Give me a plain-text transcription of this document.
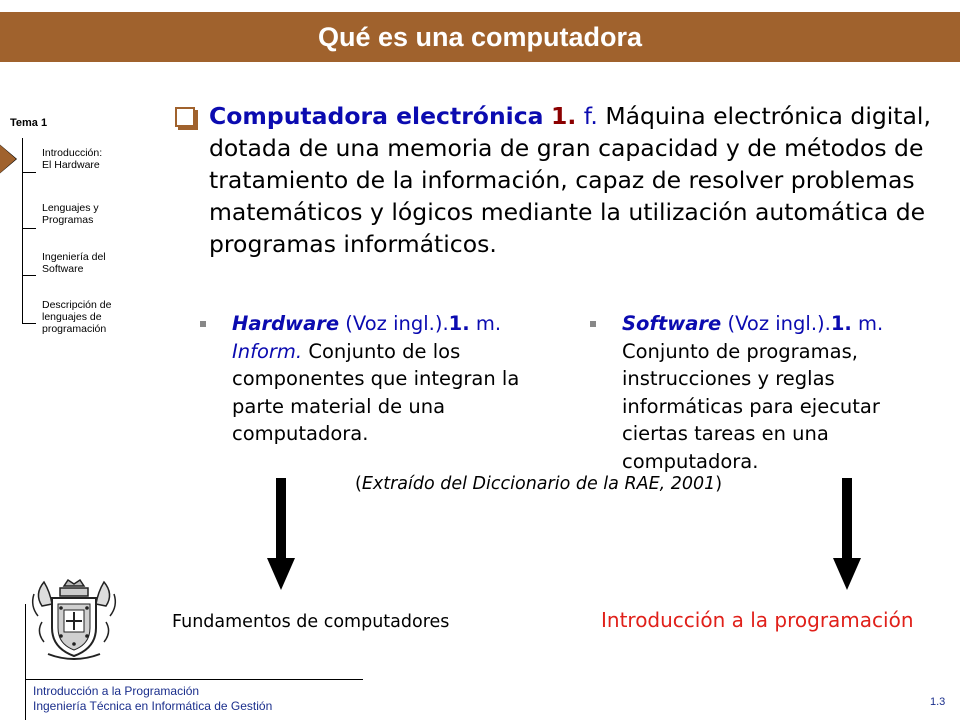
Qué es una computadora
Tema 1
Introducción:
El Hardware
Lenguajes y
Programas
Ingeniería del
Software
Descripción de
lenguajes de
programación
Computadora electrónica 1. f. Máquina electrónica digital, dotada de una memoria de gran capacidad y de métodos de tratamiento de la información, capaz de resolver problemas matemáticos y lógicos mediante la utilización automática de programas informáticos.
Hardware (Voz ingl.).1. m. Inform. Conjunto de los componentes que integran la parte material de una computadora.
Software (Voz ingl.).1. m. Conjunto de programas, instrucciones y reglas informáticas para ejecutar ciertas tareas en una computadora.
(Extraído del Diccionario de la RAE, 2001)
Fundamentos de computadores	Introducción a la programación
Introducción a la Programación
Ingeniería Técnica en Informática de Gestión	1.3
